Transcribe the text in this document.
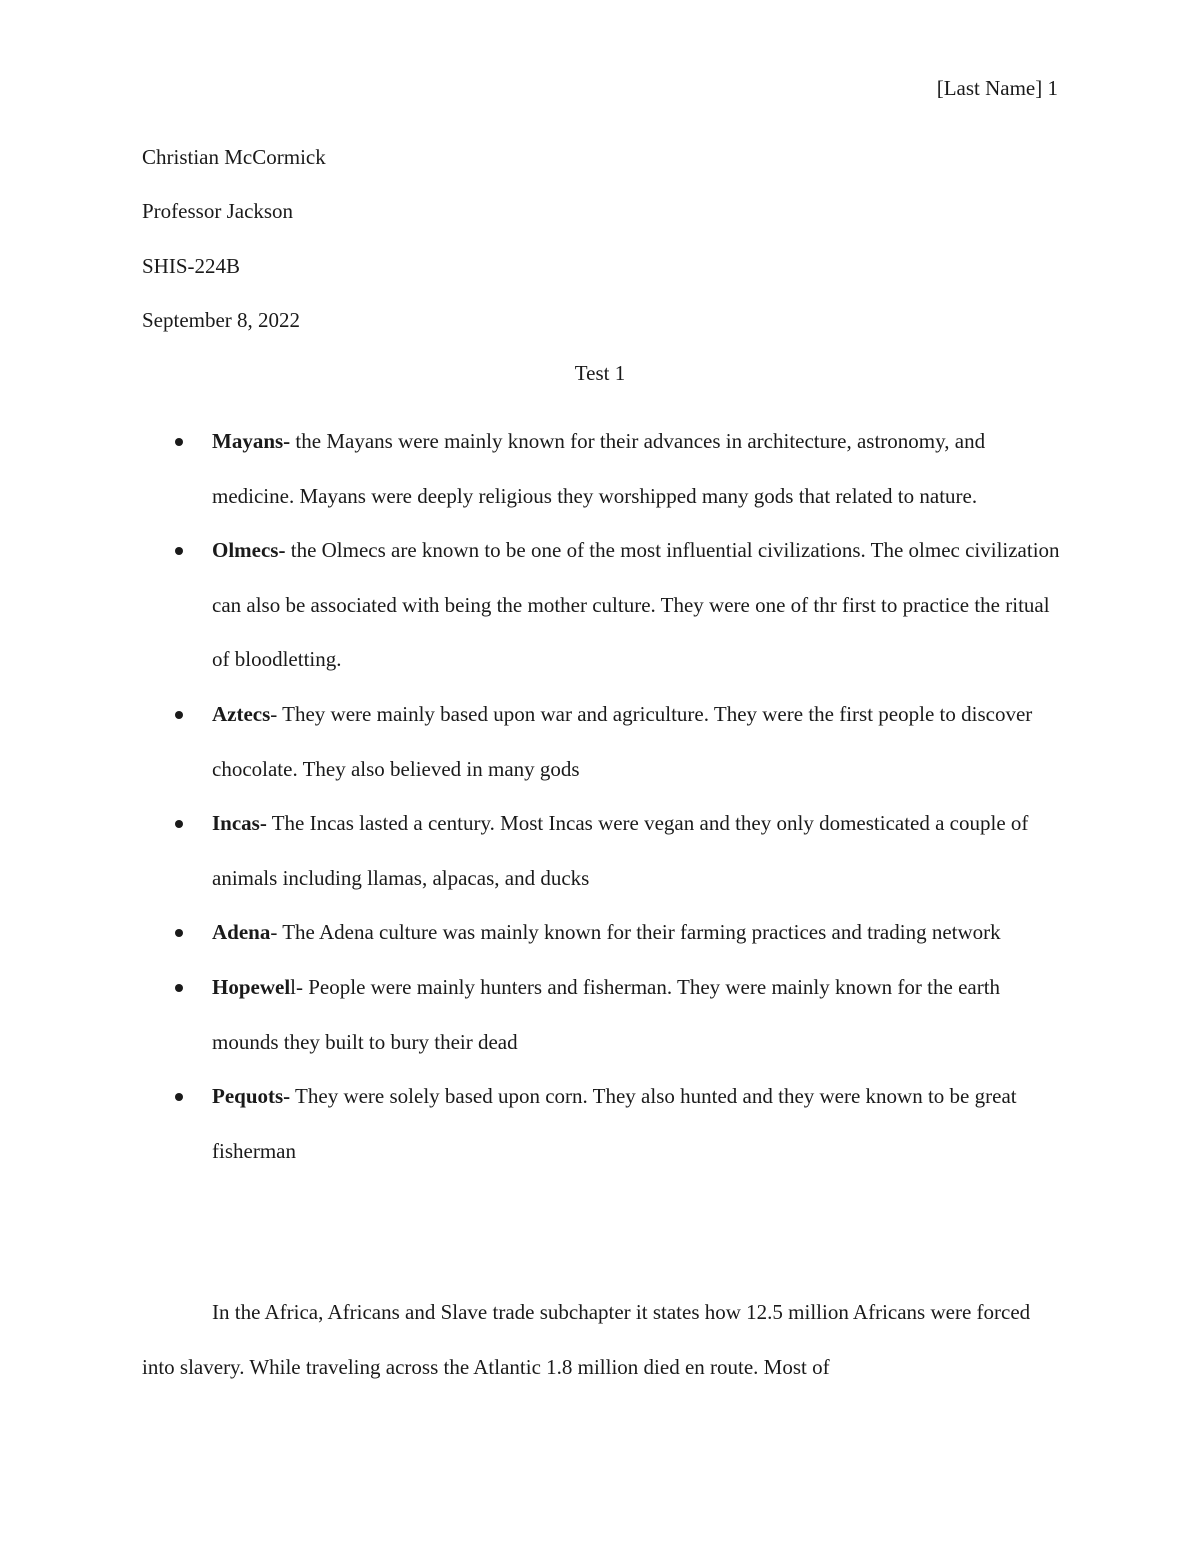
[Last Name] 1
Christian McCormick
Professor Jackson
SHIS-224B
September 8, 2022
Test 1
Mayans- the Mayans were mainly known for their advances in architecture, astronomy, and medicine. Mayans were deeply religious they worshipped many gods that related to nature.
Olmecs- the Olmecs are known to be one of the most influential civilizations. The olmec civilization can also be associated with being the mother culture. They were one of thr first to practice the ritual of bloodletting.
Aztecs- They were mainly based upon war and agriculture. They were the first people to discover chocolate. They also believed in many gods
Incas- The Incas lasted a century. Most Incas were vegan and they only domesticated a couple of animals including llamas, alpacas, and ducks
Adena- The Adena culture was mainly known for their farming practices and trading network
Hopewell- People were mainly hunters and fisherman. They were mainly known for the earth mounds they built to bury their dead
Pequots- They were solely based upon corn. They also hunted and they were known to be great fisherman
In the Africa, Africans and Slave trade subchapter it states how 12.5 million Africans were forced into slavery. While traveling across the Atlantic 1.8 million died en route. Most of
